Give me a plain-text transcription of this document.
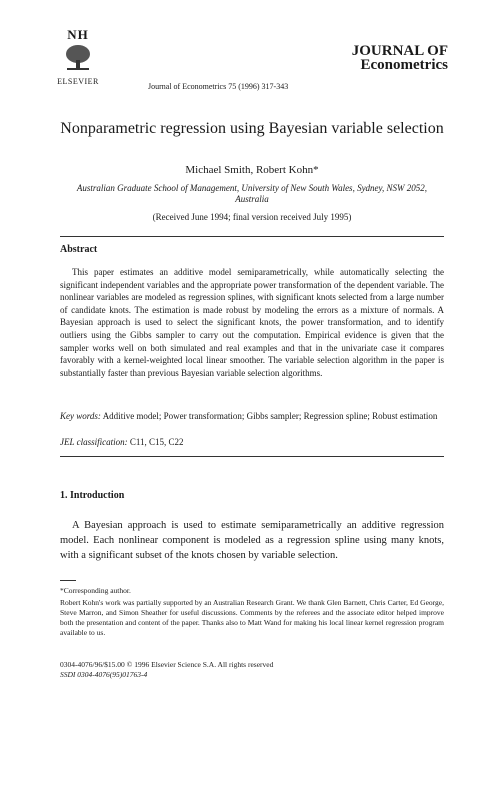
NH
ELSEVIER
Journal of Econometrics 75 (1996) 317-343
JOURNAL OF
Econometrics
Nonparametric regression using Bayesian variable selection
Michael Smith, Robert Kohn*
Australian Graduate School of Management, University of New South Wales, Sydney, NSW 2052, Australia
(Received June 1994; final version received July 1995)
Abstract
This paper estimates an additive model semiparametrically, while automatically selecting the significant independent variables and the appropriate power transformation of the dependent variable. The nonlinear variables are modeled as regression splines, with significant knots selected from a large number of candidate knots. The estimation is made robust by modeling the errors as a mixture of normals. A Bayesian approach is used to select the significant knots, the power transformation, and to identify outliers using the Gibbs sampler to carry out the computation. Empirical evidence is given that the sampler works well on both simulated and real examples and that in the univariate case it compares favorably with a kernel-weighted local linear smoother. The variable selection algorithm in the paper is substantially faster than previous Bayesian variable selection algorithms.
Key words: Additive model; Power transformation; Gibbs sampler; Regression spline; Robust estimation
JEL classification: C11, C15, C22
1. Introduction
A Bayesian approach is used to estimate semiparametrically an additive regression model. Each nonlinear component is modeled as a regression spline using many knots, with a significant subset of the knots chosen by variable selection.
*Corresponding author.
Robert Kohn's work was partially supported by an Australian Research Grant. We thank Glen Barnett, Chris Carter, Ed George, Steve Marron, and Simon Sheather for useful discussions. Comments by the referees and the associate editor helped improve both the presentation and content of the paper. Thanks also to Matt Wand for making his local linear kernel regression program available to us.
0304-4076/96/$15.00 © 1996 Elsevier Science S.A. All rights reserved
SSDI 0304-4076(95)01763-4
